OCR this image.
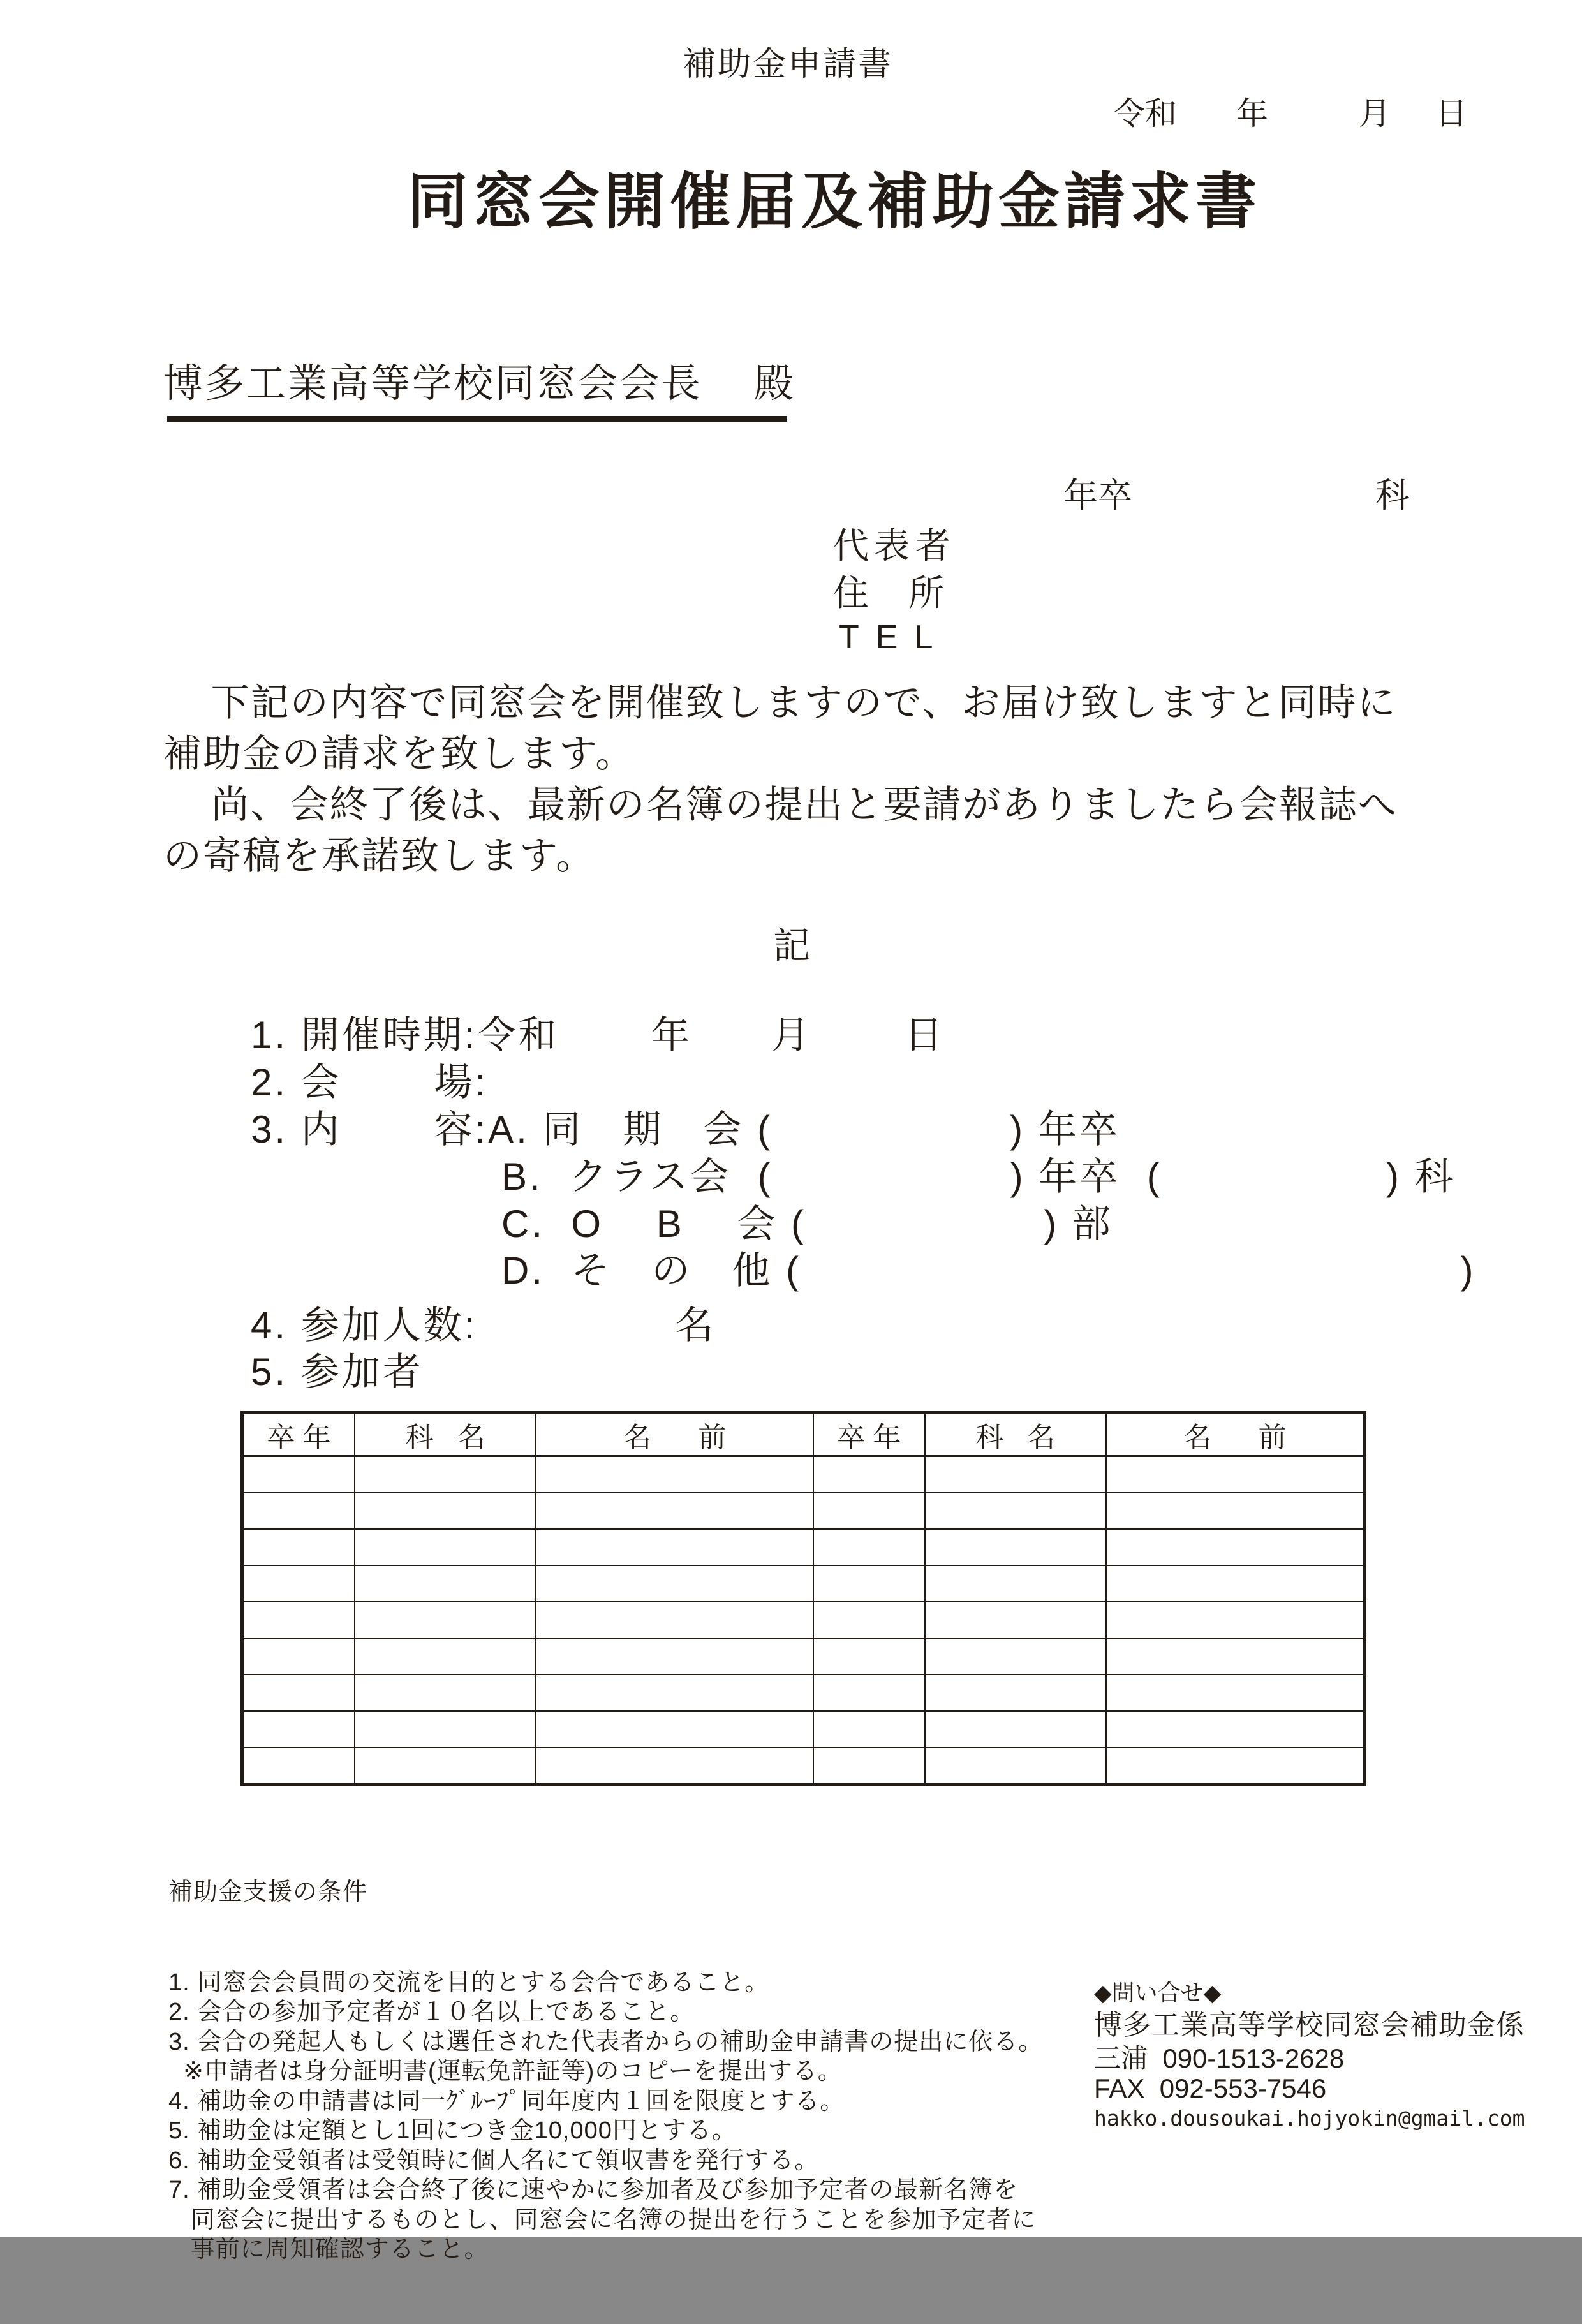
補助金申請書
令和 年	月 日
同窓会開催届及補助金請求書
博多工業高等学校同窓会会長    殿
年卒	科
代表者
住    所
TEL
下記の内容で同窓会を開催致しますので、お届け致しますと同時に
補助金の請求を致します。
尚、会終了後は、最新の名簿の提出と要請がありましたら会報誌へ
の寄稿を承諾致します。
記
1. 開催時期:令和       年      月       日
2. 会       場:
3. 内       容:A. 同   期   会 (                  ) 年卒
B.  クラス会  (                  ) 年卒  (                 ) 科
C.  O    B    会 (                  ) 部
D.  そ   の   他 (                                                  )
4. 参加人数:               名
5. 参加者
卒 年	科   名	名      前	卒 年	科   名	名      前

補助金支援の条件

1. 同窓会会員間の交流を目的とする会合であること。
2. 会合の参加予定者が１０名以上であること。
3. 会合の発起人もしくは選任された代表者からの補助金申請書の提出に依る。
※申請者は身分証明書(運転免許証等)のコピーを提出する。
4. 補助金の申請書は同一ｸﾞﾙｰﾌﾟ同年度内１回を限度とする。
5. 補助金は定額とし1回につき金10,000円とする。
6. 補助金受領者は受領時に個人名にて領収書を発行する。
7. 補助金受領者は会合終了後に速やかに参加者及び参加予定者の最新名簿を
同窓会に提出するものとし、同窓会に名簿の提出を行うことを参加予定者に
事前に周知確認すること。

◆問い合せ◆
博多工業高等学校同窓会補助金係
三浦  090-1513-2628
FAX  092-553-7546
hakko.dousoukai.hojyokin@gmail.com
